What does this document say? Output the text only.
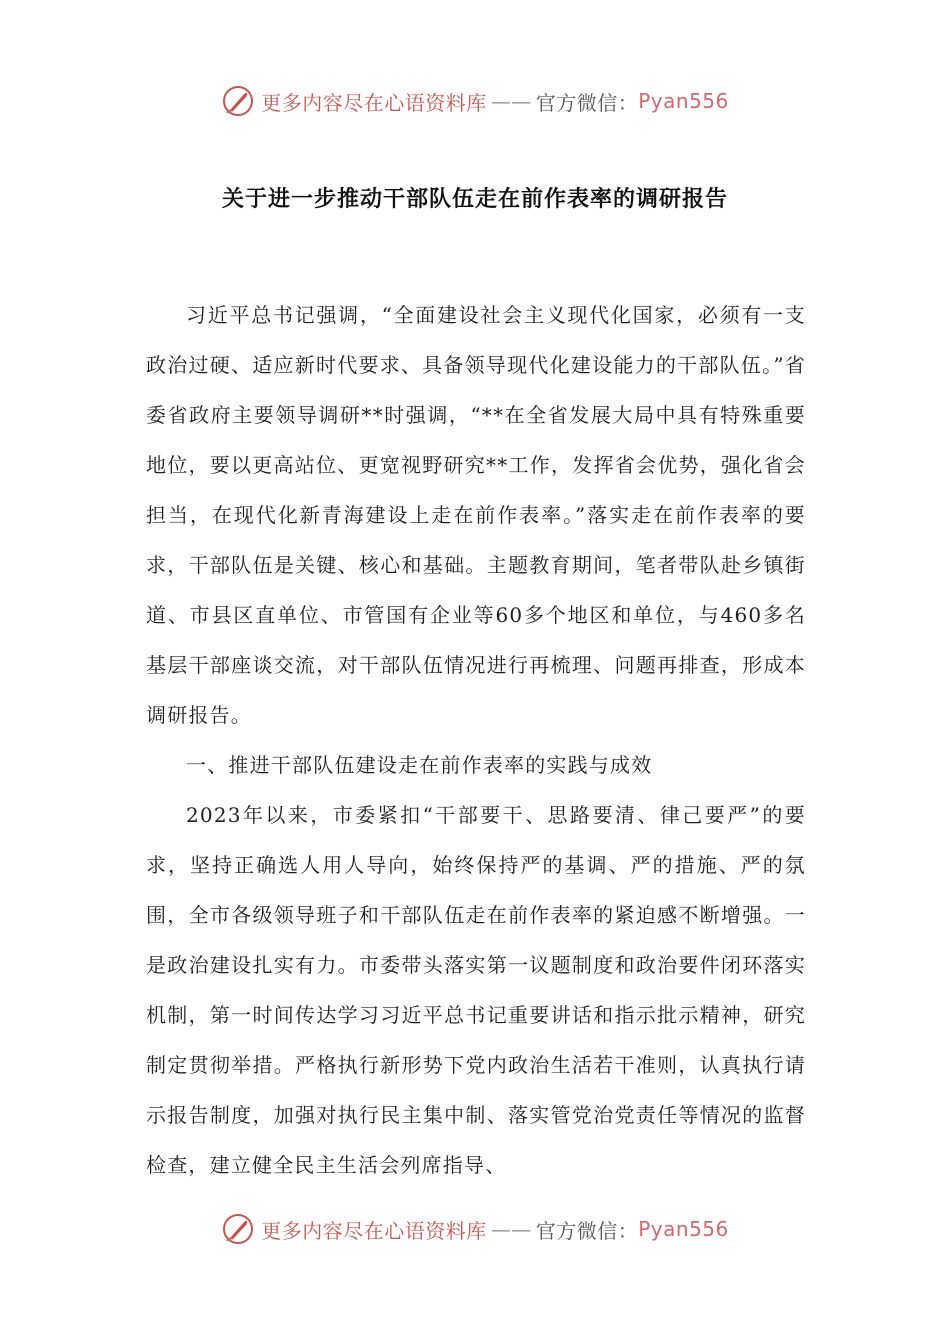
更多内容尽在心语资料库 —— 官方微信： Pyan556
关于进一步推动干部队伍走在前作表率的调研报告

习近平总书记强调，“全面建设社会主义现代化国家，必须有一支政治过硬、适应新时代要求、具备领导现代化建设能力的干部队伍。”省委省政府主要领导调研**时强调，“**在全省发展大局中具有特殊重要地位，要以更高站位、更宽视野研究**工作，发挥省会优势，强化省会担当，在现代化新青海建设上走在前作表率。”落实走在前作表率的要求，干部队伍是关键、核心和基础。主题教育期间，笔者带队赴乡镇街道、市县区直单位、市管国有企业等60多个地区和单位，与460多名基层干部座谈交流，对干部队伍情况进行再梳理、问题再排查，形成本调研报告。

一、推进干部队伍建设走在前作表率的实践与成效

2023年以来，市委紧扣“干部要干、思路要清、律己要严”的要求，坚持正确选人用人导向，始终保持严的基调、严的措施、严的氛围，全市各级领导班子和干部队伍走在前作表率的紧迫感不断增强。一是政治建设扎实有力。市委带头落实第一议题制度和政治要件闭环落实机制，第一时间传达学习习近平总书记重要讲话和指示批示精神，研究制定贯彻举措。严格执行新形势下党内政治生活若干准则，认真执行请示报告制度，加强对执行民主集中制、落实管党治党责任等情况的监督检查，建立健全民主生活会列席指导、

更多内容尽在心语资料库 —— 官方微信： Pyan556
